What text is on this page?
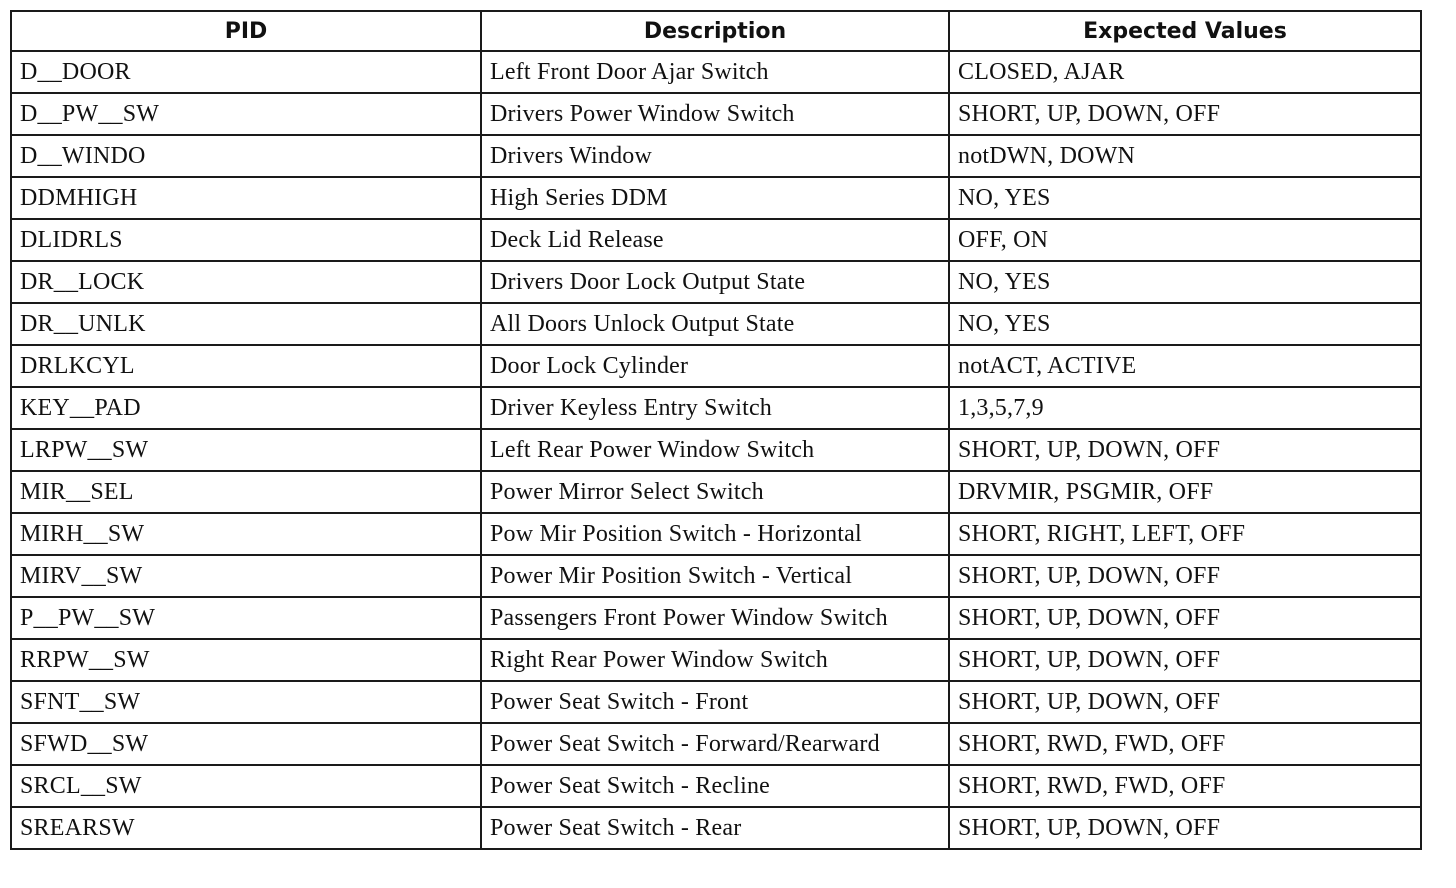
PID	Description	Expected Values
D__DOOR	Left Front Door Ajar Switch	CLOSED, AJAR
D__PW__SW	Drivers Power Window Switch	SHORT, UP, DOWN, OFF
D__WINDO	Drivers Window	notDWN, DOWN
DDMHIGH	High Series DDM	NO, YES
DLIDRLS	Deck Lid Release	OFF, ON
DR__LOCK	Drivers Door Lock Output State	NO, YES
DR__UNLK	All Doors Unlock Output State	NO, YES
DRLKCYL	Door Lock Cylinder	notACT, ACTIVE
KEY__PAD	Driver Keyless Entry Switch	1,3,5,7,9
LRPW__SW	Left Rear Power Window Switch	SHORT, UP, DOWN, OFF
MIR__SEL	Power Mirror Select Switch	DRVMIR, PSGMIR, OFF
MIRH__SW	Pow Mir Position Switch - Horizontal	SHORT, RIGHT, LEFT, OFF
MIRV__SW	Power Mir Position Switch - Vertical	SHORT, UP, DOWN, OFF
P__PW__SW	Passengers Front Power Window Switch	SHORT, UP, DOWN, OFF
RRPW__SW	Right Rear Power Window Switch	SHORT, UP, DOWN, OFF
SFNT__SW	Power Seat Switch - Front	SHORT, UP, DOWN, OFF
SFWD__SW	Power Seat Switch - Forward/Rearward	SHORT, RWD, FWD, OFF
SRCL__SW	Power Seat Switch - Recline	SHORT, RWD, FWD, OFF
SREARSW	Power Seat Switch - Rear	SHORT, UP, DOWN, OFF
